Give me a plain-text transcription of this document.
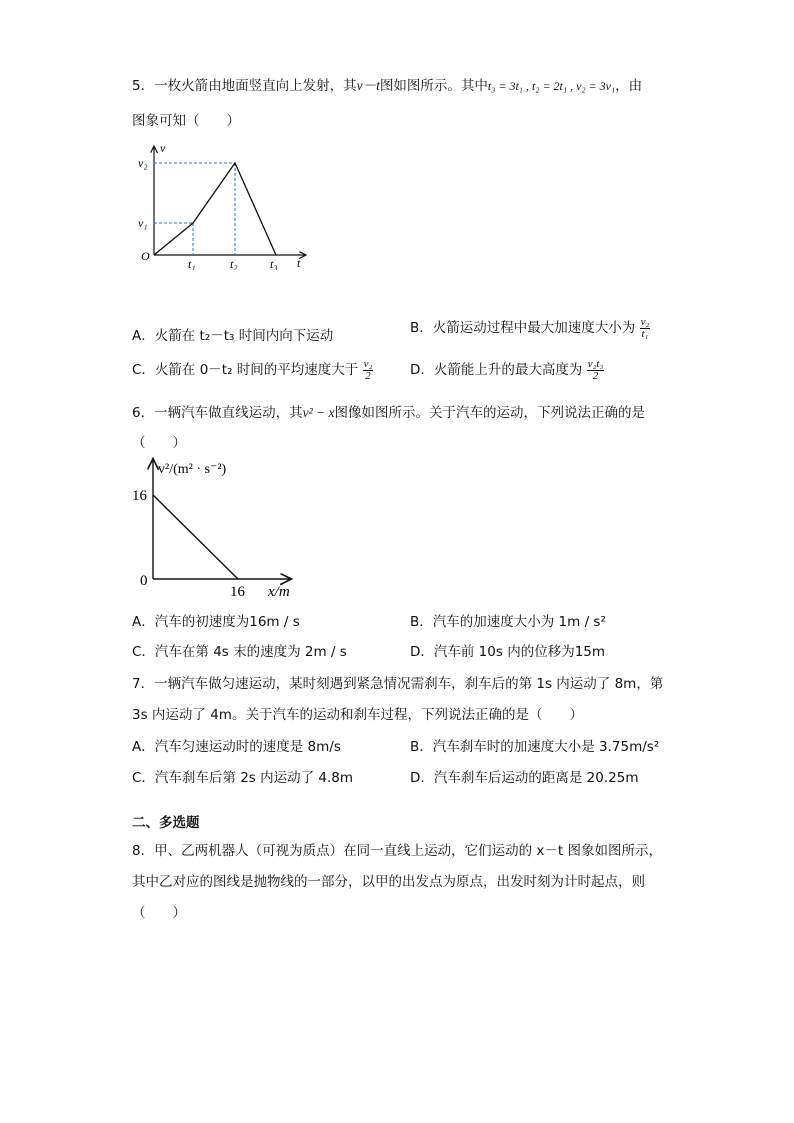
5．一枚火箭由地面竖直向上发射，其v－t图如图所示。其中t₃ = 3t₁ , t₂ = 2t₁ , v₂ = 3v₁，由
图象可知（　　）
v
v₂
v₁
O
t₁	t₂	t₃ t
A．火箭在 t₂－t₃ 时间内向下运动	B．火箭运动过程中最大加速度大小为 $\frac{\text{v₂}}{\text{t₁}}$
C．火箭在 0－t₂ 时间的平均速度大于 $\frac{\text{v₂}}{2}$	D．火箭能上升的最大高度为 $\frac{\text{v₂t₃}}{2}$
6．一辆汽车做直线运动，其v² − x图像如图所示。关于汽车的运动，下列说法正确的是
（　　）
v²/(m² · s⁻²)
16
0
16 x/m
A．汽车的初速度为16m / s	B．汽车的加速度大小为 1m / s²
C．汽车在第 4s 末的速度为 2m / s	D．汽车前 10s 内的位移为15m
7．一辆汽车做匀速运动，某时刻遇到紧急情况需刹车，刹车后的第 1s 内运动了 8m，第
3s 内运动了 4m。关于汽车的运动和刹车过程，下列说法正确的是（　　）
A．汽车匀速运动时的速度是 8m/s	B．汽车刹车时的加速度大小是 3.75m/s²
C．汽车刹车后第 2s 内运动了 4.8m	D．汽车刹车后运动的距离是 20.25m
二、多选题
8．甲、乙两机器人（可视为质点）在同一直线上运动，它们运动的 x－t 图象如图所示，
其中乙对应的图线是抛物线的一部分，以甲的出发点为原点，出发时刻为计时起点，则
（　　）
